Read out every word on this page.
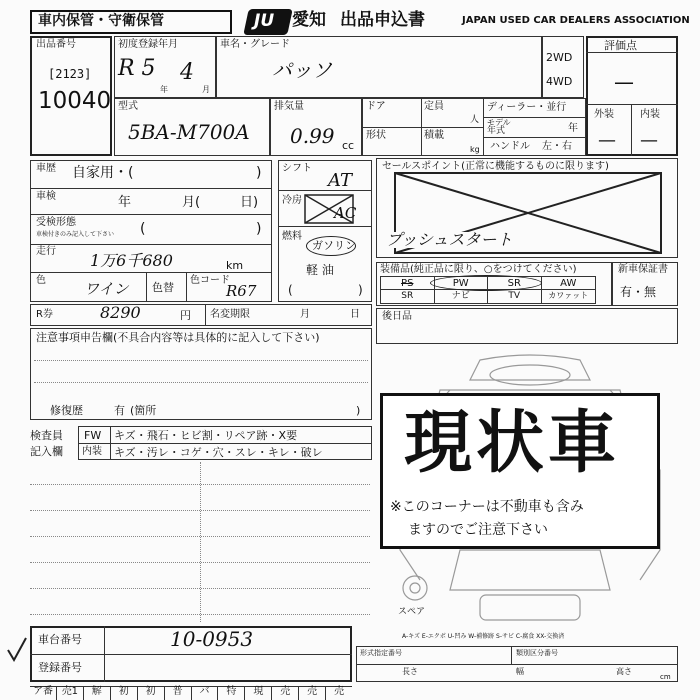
車内保管・守衛保管	JU 愛知 出品申込書	JAPAN USED CAR DEALERS ASSOCIATION
出品番号
[2123]
10040
初度登録年月
R 5
年
4
月
車名・グレード
パッソ
2WD
4WD
評価点
—
外装	内装
— —
型式
5BA-M700A
排気量
0.99 cc
ドア	定員
人
形状	積載
kg
ディーラー・並行
モデル
年式	年
ハンドル 左・右
車歴 自家用・(	)
車検	年	月(	日)
受検形態
車検付きのみ記入して下さい (	)
走行 1万6千680	km
色	ワイン 色替
色コード
R67
シフト
AT
冷房
AC
燃料
ガソリン
軽 油
(	)
セールスポイント(正常に機能するものに限ります)
プッシュスタート
装備品(純正品に限り、○をつけてください)
PS	PW	SR	AW
SR	ナビ	TV	カワァット
新車保証書
有・無
後日品
R券	8290	円 名変期限	月	日
注意事項申告欄(不具合内容等は具体的に記入して下さい)
修復歴	有 (箇所	)
検査員
記入欄
FW キズ・飛石・ヒビ割・リペア跡・X要
内装 キズ・汚レ・コゲ・穴・スレ・キレ・破レ
スペア
現状車
※このコーナーは不動車も含み
ますのでご注意下さい
A-キズ E-エクボ U-凹み W-補修跡 S-サビ C-腐食 XX-交換済
車台番号	10-0953
登録番号
形式指定番号	類別区分番号
長さ	幅	高さ
cm
ア番 売1	解	初	初	普	バ	特	現	売	売	売
